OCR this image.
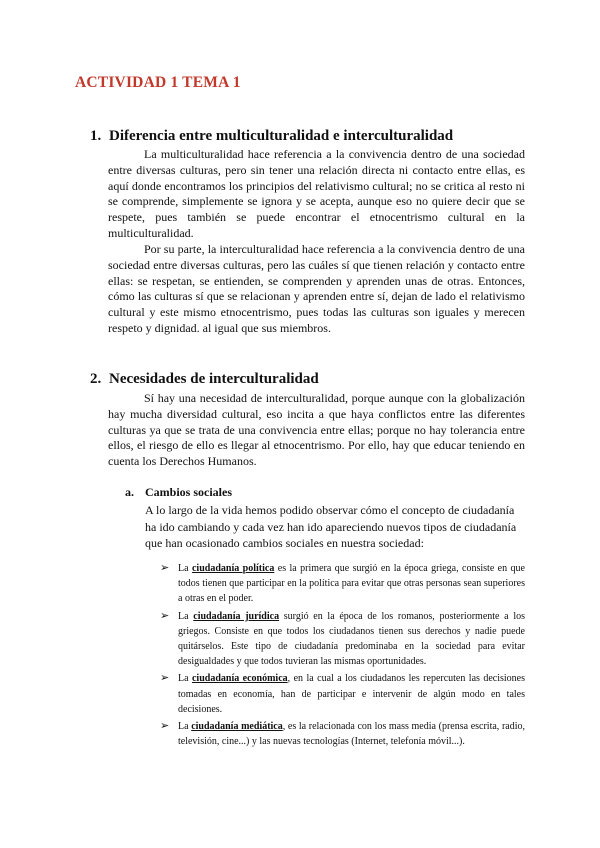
ACTIVIDAD 1 TEMA 1
1. Diferencia entre multiculturalidad e interculturalidad

La multiculturalidad hace referencia a la convivencia dentro de una sociedad entre diversas culturas, pero sin tener una relación directa ni contacto entre ellas, es aquí donde encontramos los principios del relativismo cultural; no se critica al resto ni se comprende, simplemente se ignora y se acepta, aunque eso no quiere decir que se respete, pues también se puede encontrar el etnocentrismo cultural en la multiculturalidad.

Por su parte, la interculturalidad hace referencia a la convivencia dentro de una sociedad entre diversas culturas, pero las cuáles sí que tienen relación y contacto entre ellas: se respetan, se entienden, se comprenden y aprenden unas de otras. Entonces, cómo las culturas sí que se relacionan y aprenden entre sí, dejan de lado el relativismo cultural y este mismo etnocentrismo, pues todas las culturas son iguales y merecen respeto y dignidad. al igual que sus miembros.

2. Necesidades de interculturalidad

Sí hay una necesidad de interculturalidad, porque aunque con la globalización hay mucha diversidad cultural, eso incita a que haya conflictos entre las diferentes culturas ya que se trata de una convivencia entre ellas; porque no hay tolerancia entre ellos, el riesgo de ello es llegar al etnocentrismo. Por ello, hay que educar teniendo en cuenta los Derechos Humanos.

a. Cambios sociales

A lo largo de la vida hemos podido observar cómo el concepto de ciudadanía ha ido cambiando y cada vez han ido apareciendo nuevos tipos de ciudadanía que han ocasionado cambios sociales en nuestra sociedad:

➢ La ciudadanía política es la primera que surgió en la época griega, consiste en que todos tienen que participar en la política para evitar que otras personas sean superiores a otras en el poder.
➢ La ciudadanía jurídica surgió en la época de los romanos, posteriormente a los griegos. Consiste en que todos los ciudadanos tienen sus derechos y nadie puede quitárselos. Este tipo de ciudadanía predominaba en la sociedad para evitar desigualdades y que todos tuvieran las mismas oportunidades.
➢ La ciudadanía económica, en la cual a los ciudadanos les repercuten las decisiones tomadas en economía, han de participar e intervenir de algún modo en tales decisiones.
➢ La ciudadanía mediática, es la relacionada con los mass media (prensa escrita, radio, televisión, cine...) y las nuevas tecnologías (Internet, telefonía móvil...).
